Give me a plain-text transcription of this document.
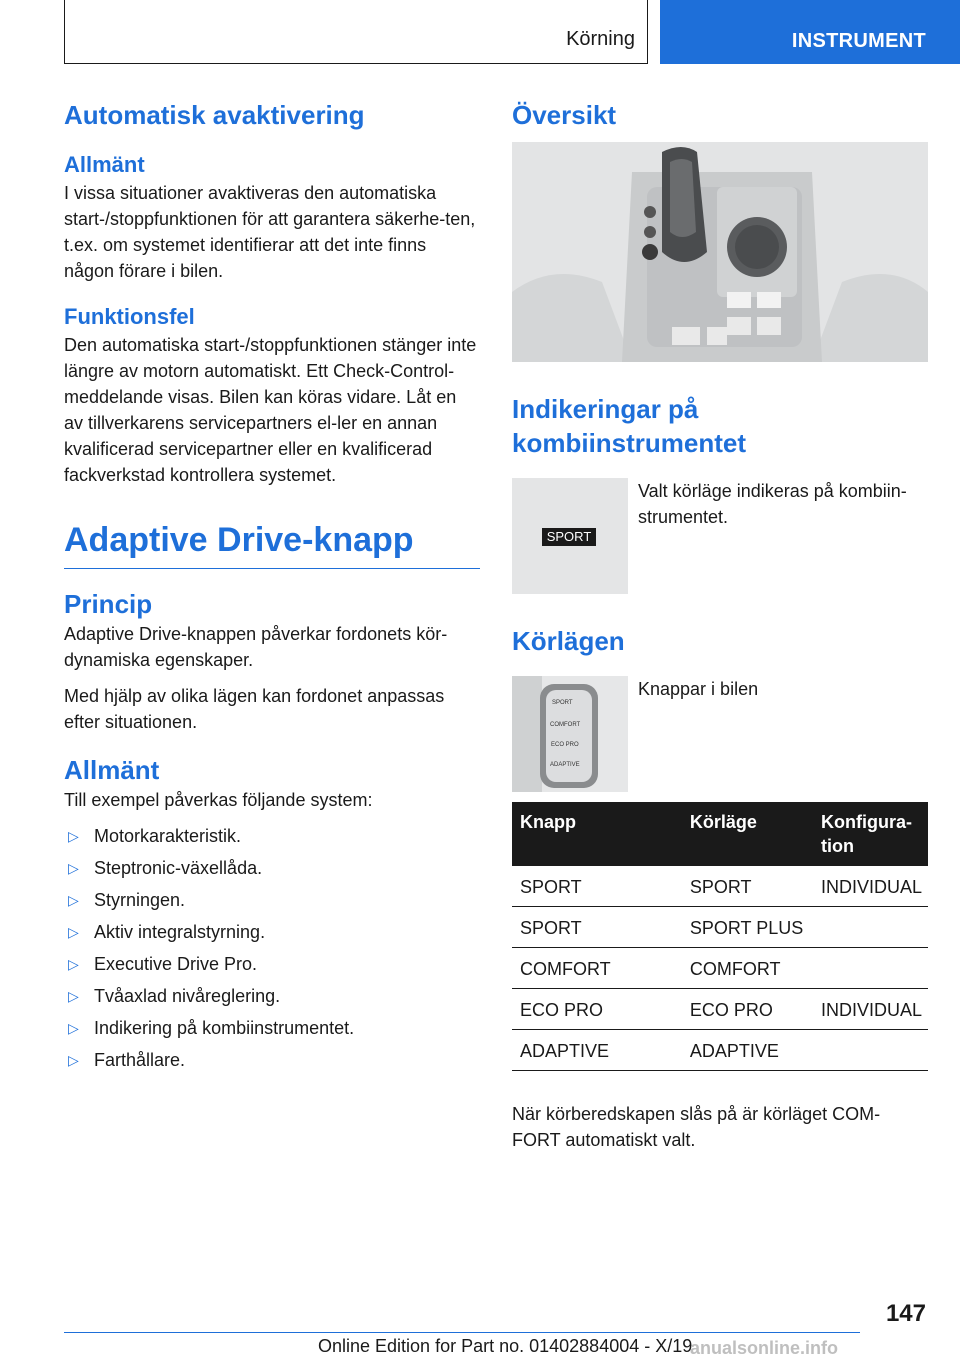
Körning	INSTRUMENT
Automatisk avaktivering
Allmänt

I vissa situationer avaktiveras den automatiska start-/stoppfunktionen för att garantera säkerhe-ten, t.ex. om systemet identifierar att det inte finns någon förare i bilen.

Funktionsfel

Den automatiska start-/stoppfunktionen stänger inte längre av motorn automatiskt. Ett Check-Control-meddelande visas. Bilen kan köras vidare. Låt en av tillverkarens servicepartners el-ler en annan kvalificerad servicepartner eller en kvalificerad fackverkstad kontrollera systemet.

Adaptive Drive-knapp
Princip

Adaptive Drive-knappen påverkar fordonets kör-dynamiska egenskaper.

Med hjälp av olika lägen kan fordonet anpassas efter situationen.

Allmänt

Till exempel påverkas följande system:

▷ Motorkarakteristik.
▷ Steptronic-växellåda.
▷ Styrningen.
▷ Aktiv integralstyrning.
▷ Executive Drive Pro.
▷ Tvåaxlad nivåreglering.
▷ Indikering på kombiinstrumentet.
▷ Farthållare.
Översikt
Indikeringar på kombiinstrumentet
SPORT

Valt körläge indikeras på kombiin-strumentet.

Körlägen
SPORT
COMFORT
ECO PRO
ADAPTIVE

Knappar i bilen

Knapp	Körläge	Konfigura-tion
SPORT	SPORT	INDIVIDUAL
SPORT	SPORT PLUS	
COMFORT	COMFORT	
ECO PRO	ECO PRO	INDIVIDUAL
ADAPTIVE	ADAPTIVE	

När körberedskapen slås på är körläget COM-FORT automatiskt valt.

147
Online Edition for Part no. 01402884004 - X/19
anualsonline.info
